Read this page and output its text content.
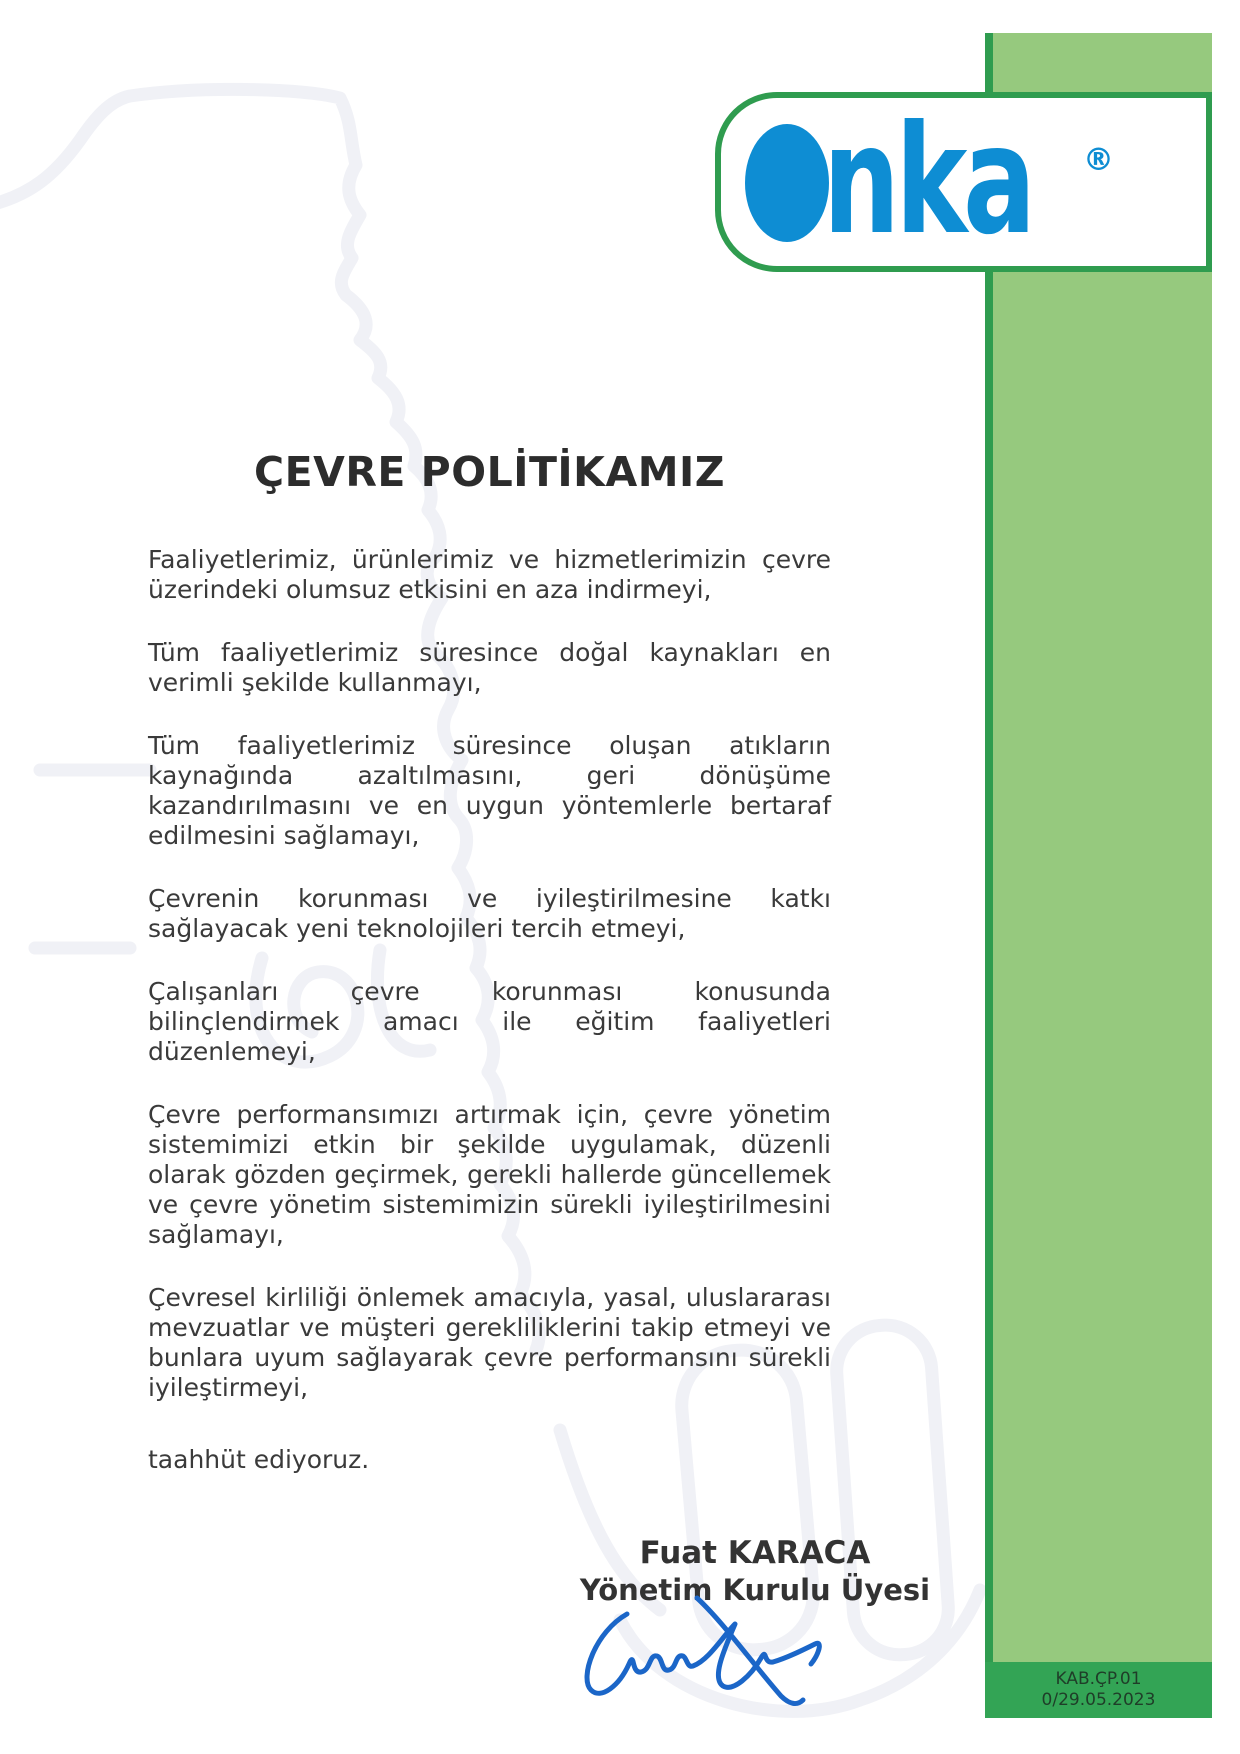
KAB.ÇP.01
0/29.05.2023
nka ®
ÇEVRE POLİTİKAMIZ

Faaliyetlerimiz, ürünlerimiz ve hizmetlerimizin çevre üzerindeki olumsuz etkisini en aza indirmeyi,

Tüm faaliyetlerimiz süresince doğal kaynakları en verimli şekilde kullanmayı,

Tüm faaliyetlerimiz süresince oluşan atıkların kaynağında azaltılmasını, geri dönüşüme kazandırılmasını ve en uygun yöntemlerle bertaraf edilmesini sağlamayı,

Çevrenin korunması ve iyileştirilmesine katkı sağlayacak yeni teknolojileri tercih etmeyi,

Çalışanları çevre korunması konusunda bilinçlendirmek amacı ile eğitim faaliyetleri düzenlemeyi,

Çevre performansımızı artırmak için, çevre yönetim sistemimizi etkin bir şekilde uygulamak, düzenli olarak gözden geçirmek, gerekli hallerde güncellemek ve çevre yönetim sistemimizin sürekli iyileştirilmesini sağlamayı,

Çevresel kirliliği önlemek amacıyla, yasal, uluslararası mevzuatlar ve müşteri gerekliliklerini takip etmeyi ve bunlara uyum sağlayarak çevre performansını sürekli iyileştirmeyi,

taahhüt ediyoruz.

Fuat KARACA
Yönetim Kurulu Üyesi
